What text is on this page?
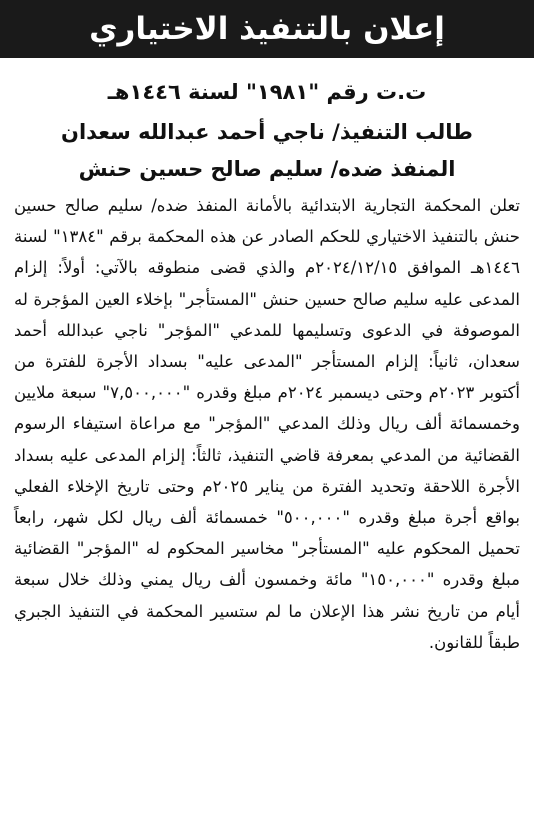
إعلان بالتنفيذ الاختياري
ت.ت رقم "١٩٨١" لسنة ١٤٤٦هـ
طالب التنفيذ/ ناجي أحمد عبدالله سعدان
المنفذ ضده/ سليم صالح حسين حنش
تعلن المحكمة التجارية الابتدائية بالأمانة المنفذ ضده/ سليم صالح حسين حنش بالتنفيذ الاختياري للحكم الصادر عن هذه المحكمة برقم "١٣٨٤" لسنة ١٤٤٦هـ الموافق ٢٠٢٤/١٢/١٥م والذي قضى منطوقه بالآتي: أولاً: إلزام المدعى عليه سليم صالح حسين حنش "المستأجر" بإخلاء العين المؤجرة له الموصوفة في الدعوى وتسليمها للمدعي "المؤجر" ناجي عبدالله أحمد سعدان، ثانياً: إلزام المستأجر "المدعى عليه" بسداد الأجرة للفترة من أكتوبر ٢٠٢٣م وحتى ديسمبر ٢٠٢٤م مبلغ وقدره "٧,٥٠٠,٠٠٠" سبعة ملايين وخمسمائة ألف ريال وذلك المدعي "المؤجر" مع مراعاة استيفاء الرسوم القضائية من المدعي بمعرفة قاضي التنفيذ، ثالثاً: إلزام المدعى عليه بسداد الأجرة اللاحقة وتحديد الفترة من يناير ٢٠٢٥م وحتى تاريخ الإخلاء الفعلي بواقع أجرة مبلغ وقدره "٥٠٠,٠٠٠" خمسمائة ألف ريال لكل شهر، رابعاً تحميل المحكوم عليه "المستأجر" مخاسير المحكوم له "المؤجر" القضائية مبلغ وقدره "١٥٠,٠٠٠" مائة وخمسون ألف ريال يمني وذلك خلال سبعة أيام من تاريخ نشر هذا الإعلان ما لم ستسير المحكمة في التنفيذ الجبري طبقاً للقانون.
